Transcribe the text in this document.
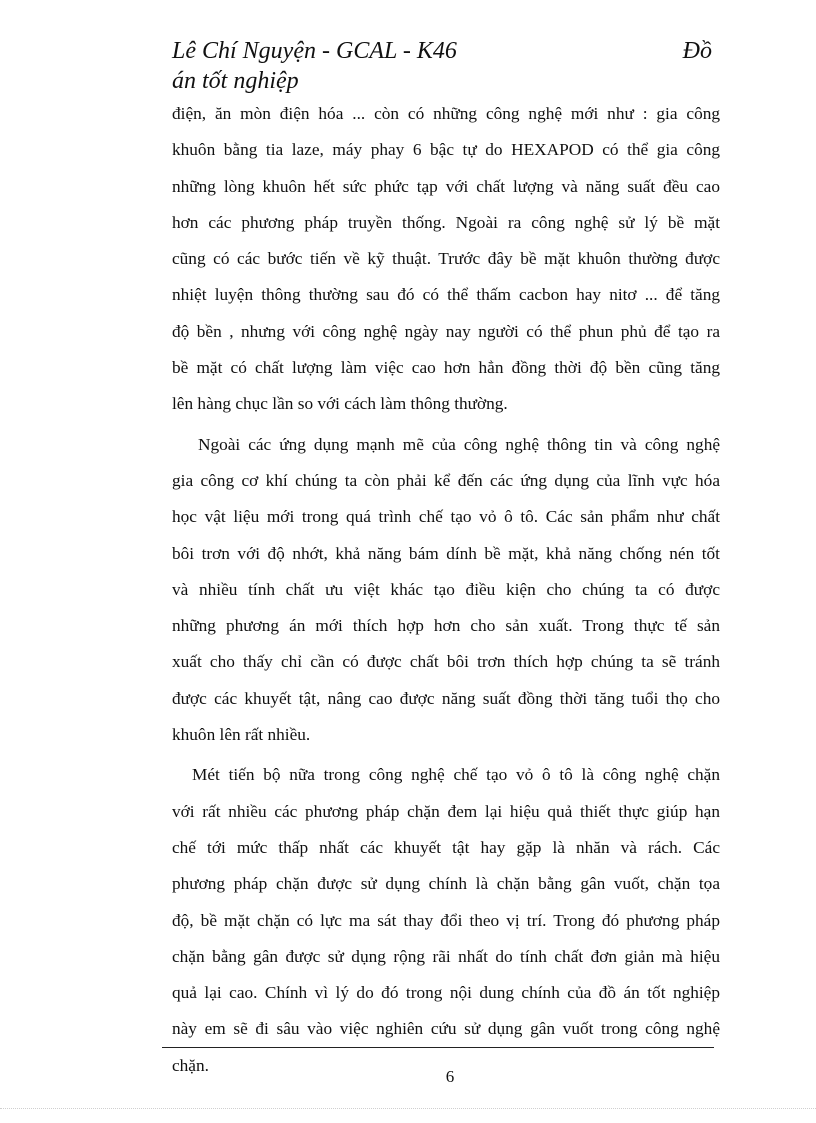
Lê Chí Nguyện - GCAL - K46	Đồ
án tốt nghiệp
điện, ăn mòn điện hóa ... còn có những công nghệ mới như : gia công
khuôn bằng tia laze, máy phay 6 bậc tự do HEXAPOD có thể gia công
những lòng khuôn hết sức phức tạp với chất lượng và năng suất đều cao
hơn các phương pháp truyền thống. Ngoài ra công nghệ sử lý bề mặt
cũng có các bước tiến về kỹ thuật. Trước đây bề mặt khuôn thường được
nhiệt luyện thông thường sau đó có thể thấm cacbon hay nitơ ... để tăng
độ bền , nhưng với công nghệ ngày nay người có thể phun phủ để tạo ra
bề mặt có chất lượng làm việc cao hơn hẳn đồng thời độ bền cũng tăng
lên hàng chục lần so với cách làm thông thường.
Ngoài các ứng dụng mạnh mẽ của công nghệ thông tin và công nghệ
gia công cơ khí chúng ta còn phải kể đến các ứng dụng của lĩnh vực hóa
học vật liệu mới trong quá trình chế tạo vỏ ô tô. Các sản phẩm như chất
bôi trơn với độ nhớt, khả năng bám dính bề mặt, khả năng chống nén tốt
và nhiều tính chất ưu việt khác tạo điều kiện cho chúng ta có được
những phương án mới thích hợp hơn cho sản xuất. Trong thực tế sản
xuất cho thấy chỉ cần có được chất bôi trơn thích hợp chúng ta sẽ tránh
được các khuyết tật, nâng cao được năng suất đồng thời tăng tuổi thọ cho
khuôn lên rất nhiều.
Mét tiến bộ nữa trong công nghệ chế tạo vỏ ô tô là công nghệ chặn
với rất nhiều các phương pháp chặn đem lại hiệu quả thiết thực giúp hạn
chế tới mức thấp nhất các khuyết tật hay gặp là nhăn và rách. Các
phương pháp chặn được sử dụng chính là chặn bằng gân vuốt, chặn tọa
độ, bề mặt chặn có lực ma sát thay đổi theo vị trí. Trong đó phương pháp
chặn bằng gân được sử dụng rộng rãi nhất do tính chất đơn giản mà hiệu
quả lại cao. Chính vì lý do đó trong nội dung chính của đồ án tốt nghiệp
này em sẽ đi sâu vào việc nghiên cứu sử dụng gân vuốt trong công nghệ
chặn.
6
